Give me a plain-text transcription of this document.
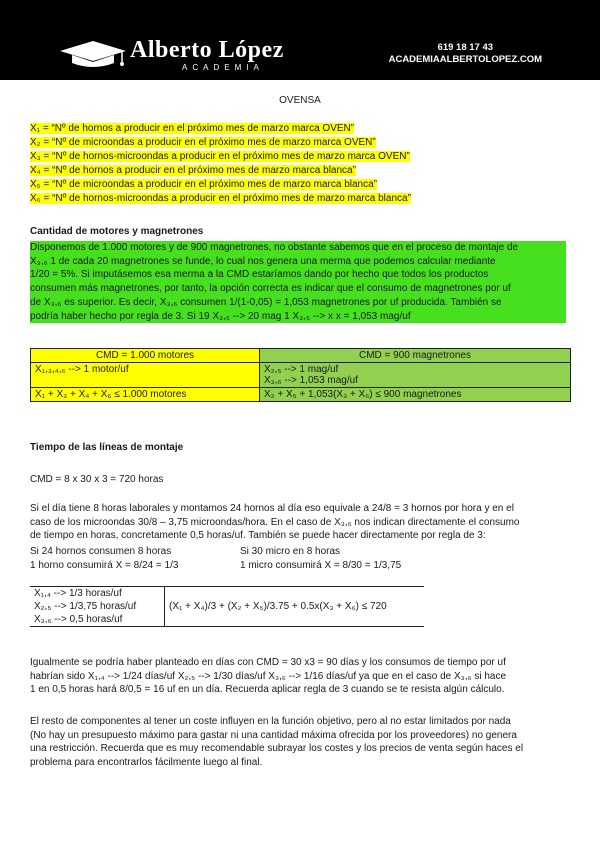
Alberto López
ACADEMIA
619 18 17 43
ACADEMIAALBERTOLOPEZ.COM
OVENSA
X₁ = “Nº de hornos a producir en el próximo mes de marzo marca OVEN”
X₂ = “Nº de microondas a producir en el próximo mes de marzo marca OVEN”
X₃ = “Nº de hornos-microondas a producir en el próximo mes de marzo marca OVEN”
X₄ = “Nº de hornos a producir en el próximo mes de marzo marca blanca”
X₅ = “Nº de microondas a producir en el próximo mes de marzo marca blanca”
X₆ = “Nº de hornos-microondas a producir en el próximo mes de marzo marca blanca”
Cantidad de motores y magnetrones
Disponemos de 1.000 motores y de 900 magnetrones, no obstante sabemos que en el proceso de montaje de
X₃,₆ 1 de cada 20 magnetrones se funde, lo cual nos genera una merma que podemos calcular mediante
1/20 = 5%. Si imputásemos esa merma a la CMD estaríamos dando por hecho que todos los productos
consumen más magnetrones, por tanto, la opción correcta es indicar que el consumo de magnetrones por uf
de X₃,₆ es superior. Es decir, X₃,₆ consumen 1/(1-0,05) = 1,053 magnetrones por uf producida. También se
podría haber hecho por regla de 3. Si 19 X₃,₆ --> 20 mag 1 X₃,₆ --> x x = 1,053 mag/uf
CMD = 1.000 motores	CMD = 900 magnetrones
X₁,₃,₄,₆ --> 1 motor/uf	X₂,₅ --> 1 mag/uf
X₃,₆ --> 1,053 mag/uf

X₁ + X₃ + X₄ + X₆ ≤ 1.000 motores	X₂ + X₅ + 1,053(X₃ + X₆) ≤ 900 magnetrones
Tiempo de las líneas de montaje
CMD = 8 x 30 x 3 = 720 horas
Si el día tiene 8 horas laborales y montamos 24 hornos al día eso equivale a 24/8 = 3 hornos por hora y en el
caso de los microondas 30/8 – 3,75 microondas/hora. En el caso de X₃,₆ nos indican directamente el consumo
de tiempo en horas, concretamente 0,5 horas/uf. También se puede hacer directamente por regla de 3:
Si 24 hornos consumen 8 horas	Si 30 micro en 8 horas
1 horno consumirá X = 8/24 = 1/3	1 micro consumirá X = 8/30 = 1/3,75
X₁,₄ --> 1/3 horas/uf	(X₁ + X₄)/3 + (X₂ + X₅)/3.75 + 0.5x(X₃ + X₆) ≤ 720
X₂,₅ --> 1/3,75 horas/uf
X₃,₆ --> 0,5 horas/uf
Igualmente se podría haber planteado en días con CMD = 30 x3 = 90 días y los consumos de tiempo por uf
habrían sido X₁,₄ --> 1/24 días/uf X₂,₅ --> 1/30 días/uf X₃,₆ --> 1/16 días/uf ya que en el caso de X₃,₆ si hace
1 en 0,5 horas hará 8/0,5 = 16 uf en un día. Recuerda aplicar regla de 3 cuando se te resista algún cálculo.
El resto de componentes al tener un coste influyen en la función objetivo, pero al no estar limitados por nada
(No hay un presupuesto máximo para gastar ni una cantidad máxima ofrecida por los proveedores) no genera
una restricción. Recuerda que es muy recomendable subrayar los costes y los precios de venta según haces el
problema para encontrarlos fácilmente luego al final.
